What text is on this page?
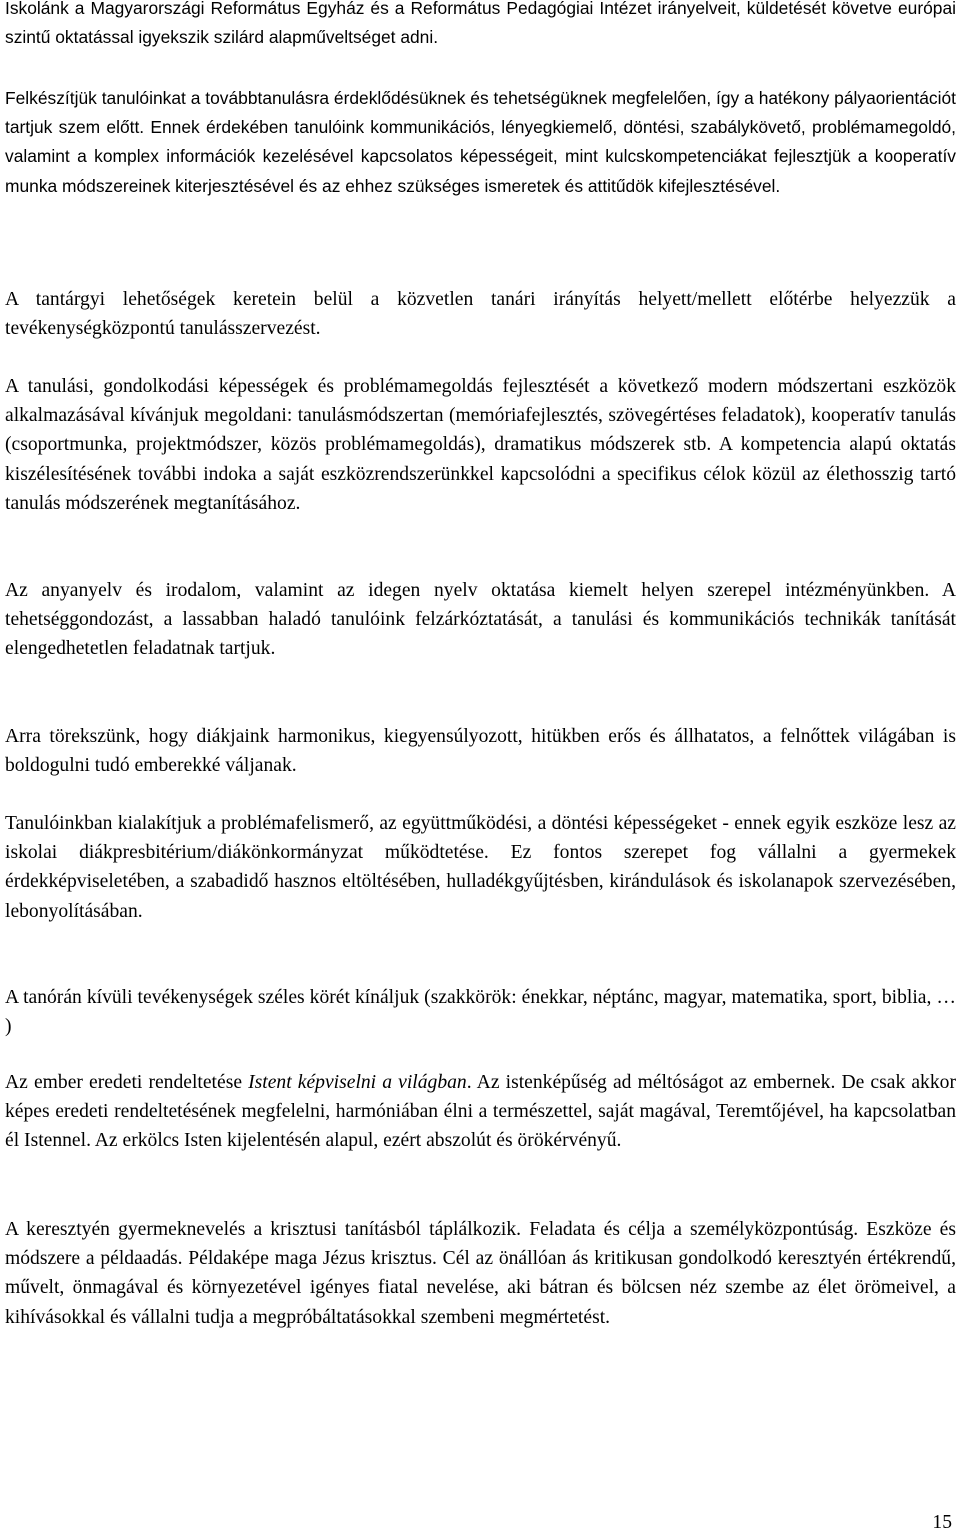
Iskolánk a Magyarországi Református Egyház és a Református Pedagógiai Intézet irányelveit, küldetését követve európai szintű oktatással igyekszik szilárd alapműveltséget adni.

Felkészítjük tanulóinkat a továbbtanulásra érdeklődésüknek és tehetségüknek megfelelően, így a hatékony pályaorientációt tartjuk szem előtt. Ennek érdekében tanulóink kommunikációs, lényegkiemelő, döntési, szabálykövető, problémamegoldó, valamint a komplex információk kezelésével kapcsolatos képességeit, mint kulcskompetenciákat fejlesztjük a kooperatív munka módszereinek kiterjesztésével és az ehhez szükséges ismeretek és attitűdök kifejlesztésével.

A tantárgyi lehetőségek keretein belül a közvetlen tanári irányítás helyett/mellett előtérbe helyezzük a tevékenységközpontú tanulásszervezést.

A tanulási, gondolkodási képességek és problémamegoldás fejlesztését a következő modern módszertani eszközök alkalmazásával kívánjuk megoldani: tanulásmódszertan (memóriafejlesztés, szövegértéses feladatok), kooperatív tanulás (csoportmunka, projektmódszer, közös problémamegoldás), dramatikus módszerek stb. A kompetencia alapú oktatás kiszélesítésének további indoka a saját eszközrendszerünkkel kapcsolódni a specifikus célok közül az élethosszig tartó tanulás módszerének megtanításához.

Az anyanyelv és irodalom, valamint az idegen nyelv oktatása kiemelt helyen szerepel intézményünkben. A tehetséggondozást, a lassabban haladó tanulóink felzárkóztatását, a tanulási és kommunikációs technikák tanítását elengedhetetlen feladatnak tartjuk.

Arra törekszünk, hogy diákjaink harmonikus, kiegyensúlyozott, hitükben erős és állhatatos, a felnőttek világában is boldogulni tudó emberekké váljanak.

Tanulóinkban kialakítjuk a problémafelismerő, az együttműködési, a döntési képességeket - ennek egyik eszköze lesz az iskolai diákpresbitérium/diákönkormányzat működtetése. Ez fontos szerepet fog vállalni a gyermekek érdekképviseletében, a szabadidő hasznos eltöltésében, hulladékgyűjtésben, kirándulások és iskolanapok szervezésében, lebonyolításában.

A tanórán kívüli tevékenységek széles körét kínáljuk (szakkörök: énekkar, néptánc, magyar, matematika, sport, biblia, … )

Az ember eredeti rendeltetése Istent képviselni a világban. Az istenképűség ad méltóságot az embernek. De csak akkor képes eredeti rendeltetésének megfelelni, harmóniában élni a természettel, saját magával, Teremtőjével, ha kapcsolatban él Istennel. Az erkölcs Isten kijelentésén alapul, ezért abszolút és örökérvényű.

A keresztyén gyermeknevelés a krisztusi tanításból táplálkozik. Feladata és célja a személyközpontúság. Eszköze és módszere a példaadás. Példaképe maga Jézus krisztus. Cél az önállóan ás kritikusan gondolkodó keresztyén értékrendű, művelt, önmagával és környezetével igényes fiatal nevelése, aki bátran és bölcsen néz szembe az élet örömeivel, a kihívásokkal és vállalni tudja a megpróbáltatásokkal szembeni megmértetést.

15
